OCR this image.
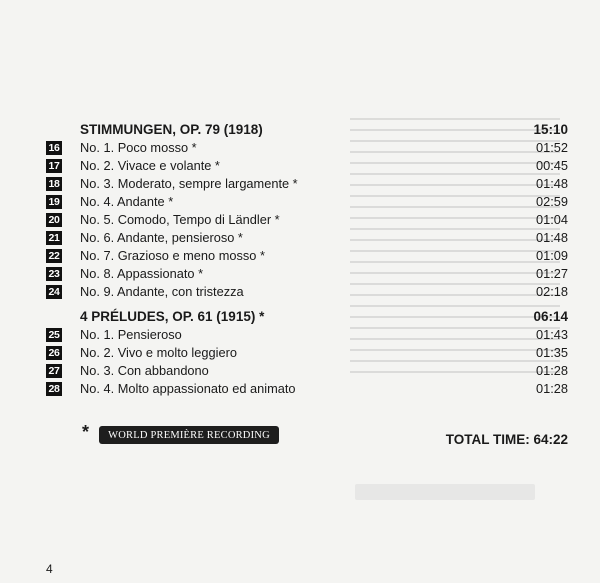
STIMMUNGEN, OP. 79 (1918)	15:10
16 No. 1. Poco mosso *	01:52
17 No. 2. Vivace e volante *	00:45
18 No. 3. Moderato, sempre largamente *	01:48
19 No. 4. Andante *	02:59
20 No. 5. Comodo, Tempo di Ländler *	01:04
21 No. 6. Andante, pensieroso *	01:48
22 No. 7. Grazioso e meno mosso *	01:09
23 No. 8. Appassionato *	01:27
24 No. 9. Andante, con tristezza	02:18
4 PRÉLUDES, OP. 61 (1915) *	06:14
25 No. 1. Pensieroso	01:43
26 No. 2. Vivo e molto leggiero	01:35
27 No. 3. Con abbandono	01:28
28 No. 4. Molto appassionato ed animato	01:28
* WORLD PREMIÈRE RECORDING	TOTAL TIME: 64:22
4
